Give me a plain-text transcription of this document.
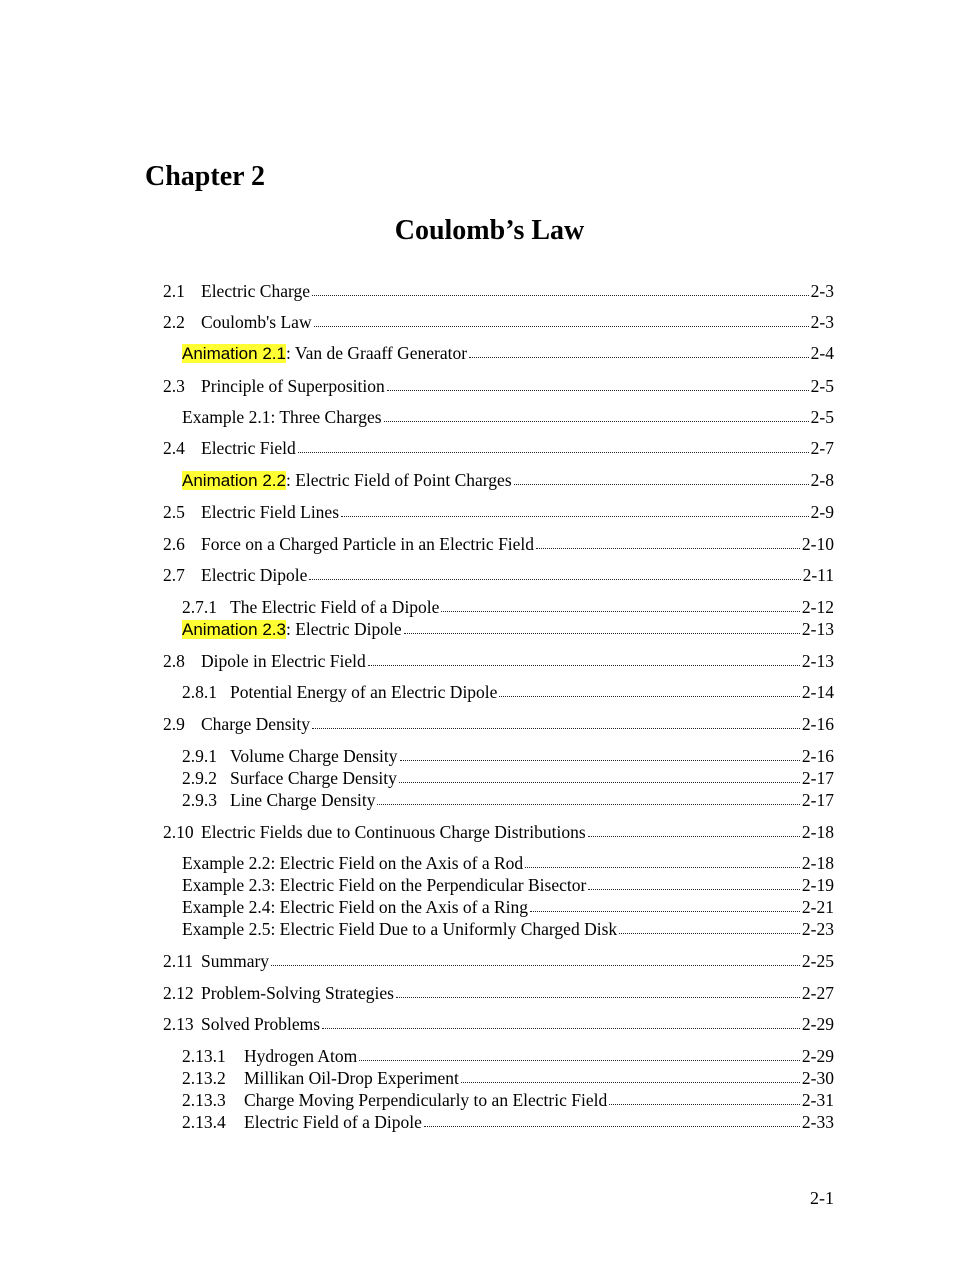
Chapter 2
Coulomb’s Law
2.1 Electric Charge	2-3
2.2 Coulomb's Law	2-3
Animation 2.1: Van de Graaff Generator	2-4
2.3 Principle of Superposition	2-5
Example 2.1: Three Charges	2-5
2.4 Electric Field	2-7
Animation 2.2: Electric Field of Point Charges	2-8
2.5 Electric Field Lines	2-9
2.6 Force on a Charged Particle in an Electric Field	2-10
2.7 Electric Dipole	2-11
2.7.1 The Electric Field of a Dipole	2-12
Animation 2.3: Electric Dipole	2-13
2.8 Dipole in Electric Field	2-13
2.8.1 Potential Energy of an Electric Dipole	2-14
2.9 Charge Density	2-16
2.9.1 Volume Charge Density	2-16
2.9.2 Surface Charge Density	2-17
2.9.3 Line Charge Density	2-17
2.10 Electric Fields due to Continuous Charge Distributions	2-18
Example 2.2: Electric Field on the Axis of a Rod	2-18
Example 2.3: Electric Field on the Perpendicular Bisector	2-19
Example 2.4: Electric Field on the Axis of a Ring	2-21
Example 2.5: Electric Field Due to a Uniformly Charged Disk	2-23
2.11 Summary	2-25
2.12 Problem-Solving Strategies	2-27
2.13 Solved Problems	2-29
2.13.1 Hydrogen Atom	2-29
2.13.2 Millikan Oil-Drop Experiment	2-30
2.13.3 Charge Moving Perpendicularly to an Electric Field	2-31
2.13.4 Electric Field of a Dipole	2-33
2-1
